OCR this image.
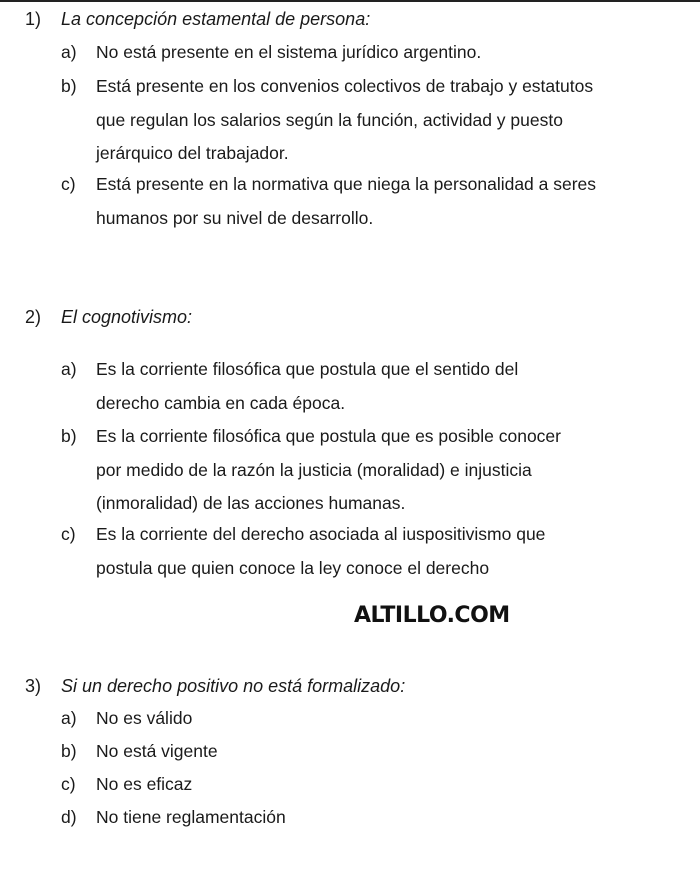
1) La concepción estamental de persona:
a)	No está presente en el sistema jurídico argentino.
b)	Está presente en los convenios colectivos de trabajo y estatutos
que regulan los salarios según la función, actividad y puesto
jerárquico del trabajador.
c)	Está presente en la normativa que niega la personalidad a seres
humanos por su nivel de desarrollo.
2) El cognotivismo:
a)	Es la corriente filosófica que postula que el sentido del
derecho cambia en cada época.
b)	Es la corriente filosófica que postula que es posible conocer
por medido de la razón la justicia (moralidad) e injusticia
(inmoralidad) de las acciones humanas.
c)	Es la corriente del derecho asociada al iuspositivismo que
postula que quien conoce la ley conoce el derecho
ALTILLO.COM
3) Si un derecho positivo no está formalizado:
a)	No es válido
b)	No está vigente
c)	No es eficaz
d)	No tiene reglamentación
